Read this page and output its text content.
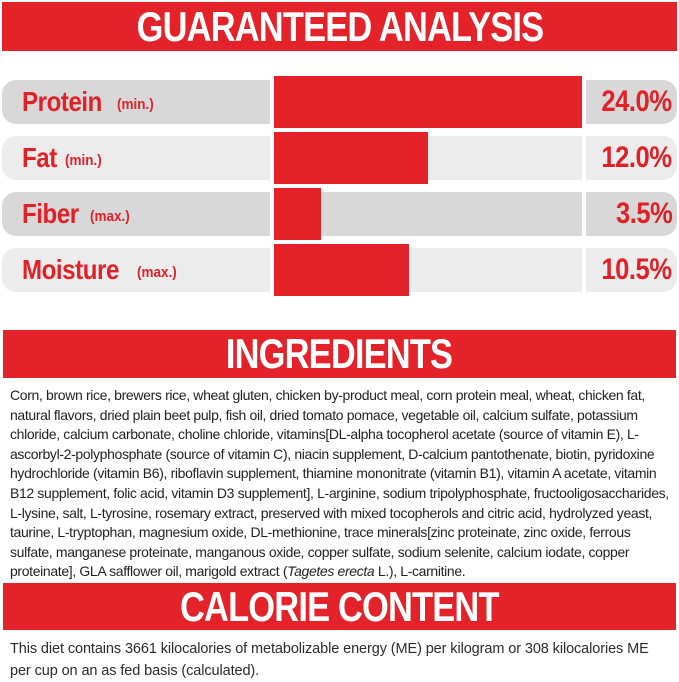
GUARANTEED ANALYSIS
Protein (min.)	24.0%
Fat (min.)	12.0%
Fiber (max.)	3.5%
Moisture (max.)	10.5%
INGREDIENTS

Corn, brown rice, brewers rice, wheat gluten, chicken by-product meal, corn protein meal, wheat, chicken fat, natural flavors, dried plain beet pulp, fish oil, dried tomato pomace, vegetable oil, calcium sulfate, potassium chloride, calcium carbonate, choline chloride, vitamins[DL-alpha tocopherol acetate (source of vitamin E), L-ascorbyl-2-polyphosphate (source of vitamin C), niacin supplement, D-calcium pantothenate, biotin, pyridoxine hydrochloride (vitamin B6), riboflavin supplement, thiamine mononitrate (vitamin B1), vitamin A acetate, vitamin B12 supplement, folic acid, vitamin D3 supplement], L-arginine, sodium tripolyphosphate, fructooligosaccharides, L-lysine, salt, L-tyrosine, rosemary extract, preserved with mixed tocopherols and citric acid, hydrolyzed yeast, taurine, L-tryptophan, magnesium oxide, DL-methionine, trace minerals[zinc proteinate, zinc oxide, ferrous sulfate, manganese proteinate, manganous oxide, copper sulfate, sodium selenite, calcium iodate, copper proteinate], GLA safflower oil, marigold extract (Tagetes erecta L.), L-carnitine.

CALORIE CONTENT

This diet contains 3661 kilocalories of metabolizable energy (ME) per kilogram or 308 kilocalories ME per cup on an as fed basis (calculated).
